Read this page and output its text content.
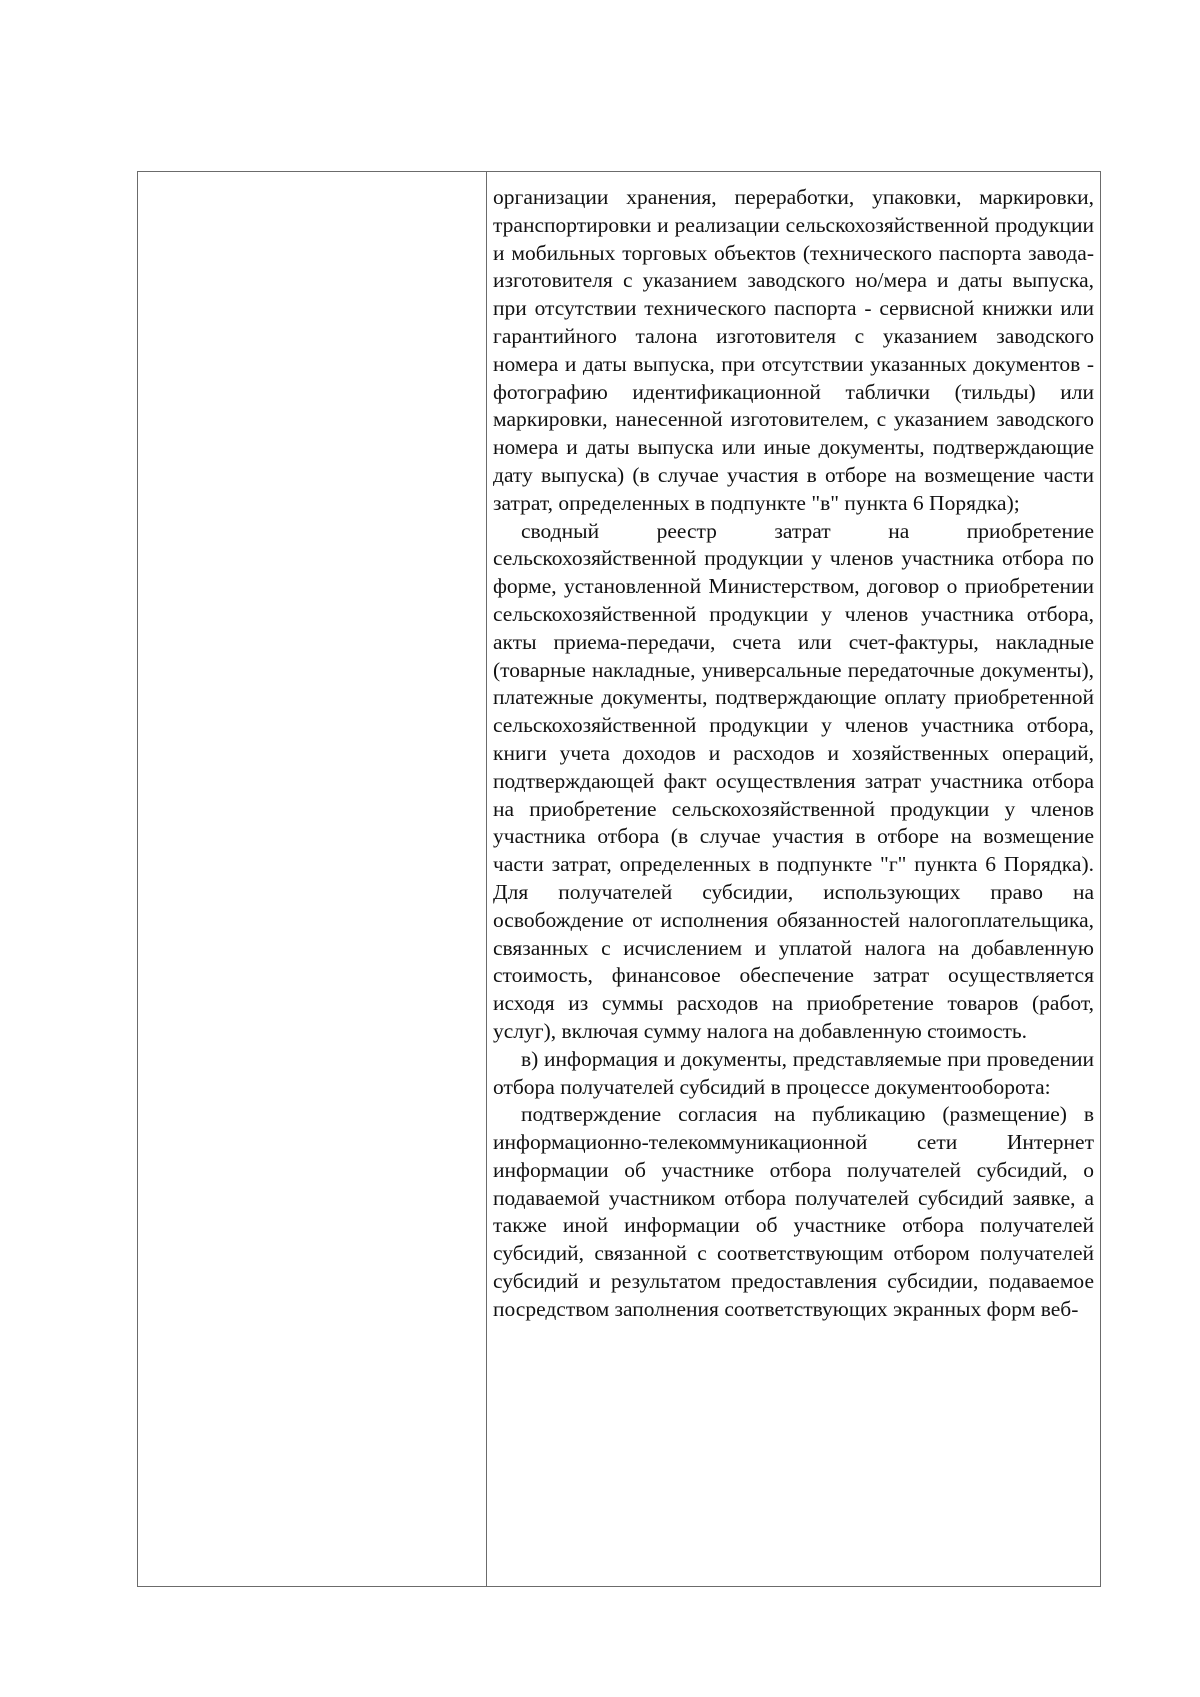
организации хранения, переработки, упаковки, маркировки, транспортировки и реализации сельскохозяйственной продукции и мобильных торговых объектов (технического паспорта завода-изготовителя с указанием заводского но/мера и даты выпуска, при отсутствии технического паспорта - сервисной книжки или гарантийного талона изготовителя с указанием заводского номера и даты выпуска, при отсутствии указанных документов - фотографию идентификационной таблички (тильды) или маркировки, нанесенной изготовителем, с указанием заводского номера и даты выпуска или иные документы, подтверждающие дату выпуска) (в случае участия в отборе на возмещение части затрат, определенных в подпункте "в" пункта 6 Порядка);

сводный реестр затрат на приобретение сельскохозяйственной продукции у членов участника отбора по форме, установленной Министерством, договор о приобретении сельскохозяйственной продукции у членов участника отбора, акты приема-передачи, счета или счет-фактуры, накладные (товарные накладные, универсальные передаточные документы), платежные документы, подтверждающие оплату приобретенной сельскохозяйственной продукции у членов участника отбора, книги учета доходов и расходов и хозяйственных операций, подтверждающей факт осуществления затрат участника отбора на приобретение сельскохозяйственной продукции у членов участника отбора (в случае участия в отборе на возмещение части затрат, определенных в подпункте "г" пункта 6 Порядка). Для получателей субсидии, использующих право на освобождение от исполнения обязанностей налогоплательщика, связанных с исчислением и уплатой налога на добавленную стоимость, финансовое обеспечение затрат осуществляется исходя из суммы расходов на приобретение товаров (работ, услуг), включая сумму налога на добавленную стоимость.

в) информация и документы, представляемые при проведении отбора получателей субсидий в процессе документооборота:

подтверждение согласия на публикацию (размещение) в информационно-телекоммуникационной сети Интернет информации об участнике отбора получателей субсидий, о подаваемой участником отбора получателей субсидий заявке, а также иной информации об участнике отбора получателей субсидий, связанной с соответствующим отбором получателей субсидий и результатом предоставления субсидии, подаваемое посредством заполнения соответствующих экранных форм веб-
